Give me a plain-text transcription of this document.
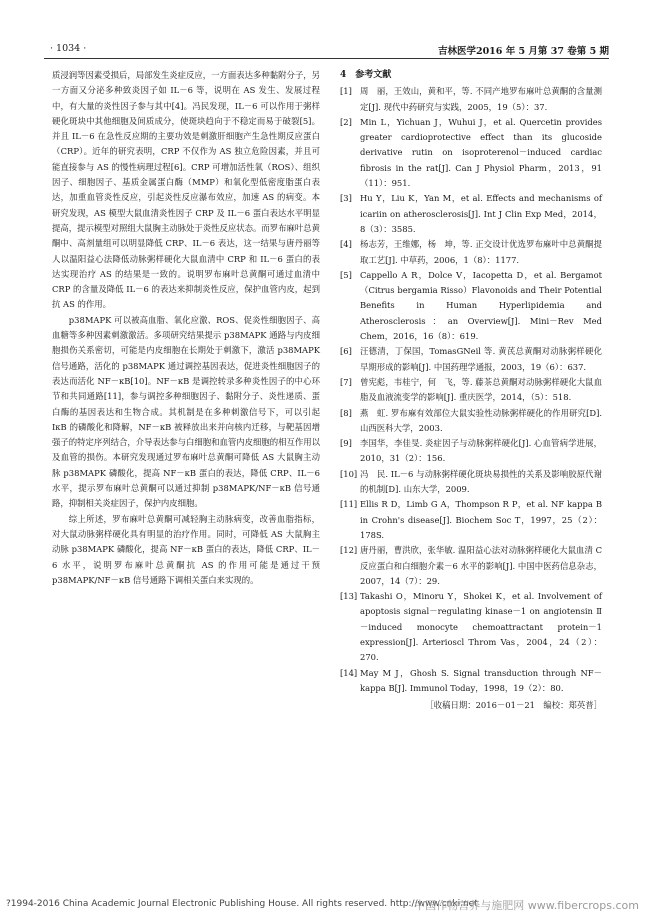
· 1034 ·	吉林医学2016 年 5 月第 37 卷第 5 期

质浸润等因素受损后，局部发生炎症反应，一方面表达多种黏附分子，另一方面又分泌多种致炎因子如 IL－6 等，说明在 AS 发生、发展过程中，有大量的炎性因子参与其中[4]。冯民发现，IL－6 可以作用于粥样硬化斑块中其他细胞及间质成分，使斑块趋向于不稳定而易于破裂[5]。并且 IL－6 在急性反应期的主要功效是刺激肝细胞产生急性期反应蛋白（CRP）。近年的研究表明，CRP 不仅作为 AS 独立危险因素，并且可能直接参与 AS 的慢性病理过程[6]。CRP 可增加活性氧（ROS）、组织因子、细胞因子、基质金属蛋白酶（MMP）和氧化型低密度脂蛋白表达，加重血管炎性反应，引起炎性反应瀑布效应，加速 AS 的病变。本研究发现，AS 模型大鼠血清炎性因子 CRP 及 IL－6 蛋白表达水平明显提高，提示模型对照组大鼠胸主动脉处于炎性反应状态。而罗布麻叶总黄酮中、高剂量组可以明显降低 CRP、IL－6 表达，这一结果与唐丹丽等人以温阳益心法降低动脉粥样硬化大鼠血清中 CRP 和 IL－6 蛋白的表达实现治疗 AS 的结果是一致的。说明罗布麻叶总黄酮可通过血清中 CRP 的含量及降低 IL－6 的表达来抑制炎性反应，保护血管内皮，起到抗 AS 的作用。

p38MAPK 可以被高血脂、氧化应激、ROS、促炎性细胞因子、高血糖等多种因素刺激激活。多项研究结果提示 p38MAPK 通路与内皮细胞损伤关系密切，可能是内皮细胞在长期处于刺激下，激活 p38MAPK 信号通路，活化的 p38MAPK 通过调控基因表达，促进炎性细胞因子的表达而活化 NF－κB[10]。NF－κB 是调控转录多种炎性因子的中心环节和共同通路[11]，参与调控多种细胞因子、黏附分子、炎性递质、蛋白酶的基因表达和生物合成。其机制是在多种刺激信号下，可以引起 IκB 的磷酸化和降解，NF－κB 被释放出来并向核内迁移，与靶基因增强子的特定序列结合，介导表达参与白细胞和血管内皮细胞的相互作用以及血管的损伤。本研究发现通过罗布麻叶总黄酮可降低 AS 大鼠胸主动脉 p38MAPK 磷酸化，提高 NF－κB 蛋白的表达，降低 CRP、IL－6 水平，提示罗布麻叶总黄酮可以通过抑制 p38MAPK/NF－κB 信号通路，抑制相关炎症因子，保护内皮细胞。

综上所述，罗布麻叶总黄酮可减轻胸主动脉病变，改善血脂指标，对大鼠动脉粥样硬化具有明显的治疗作用。同时，可降低 AS 大鼠胸主动脉 p38MAPK 磷酸化，提高 NF－κB 蛋白的表达，降低 CRP、IL－6 水平，说明罗布麻叶总黄酮抗 AS 的作用可能是通过干预 p38MAPK/NF－κB 信号通路下调相关蛋白来实现的。

4　参考文献
[1] 周　丽，王效山，黄和平，等. 不同产地罗布麻叶总黄酮的含量测定[J]. 现代中药研究与实践，2005，19（5）：37.
[2] Min L，Yichuan J，Wuhui J，et al. Quercetin provides greater cardioprotective effect than its glucoside derivative rutin on isoproterenol－induced cardiac fibrosis in the rat[J]. Can J Physiol Pharm，2013，91（11）：951.
[3] Hu Y，Liu K，Yan M，et al. Effects and mechanisms of icariin on atherosclerosis[J]. Int J Clin Exp Med，2014，8（3）：3585.
[4] 杨志芳，王维娜，杨　坤，等. 正交设计优选罗布麻叶中总黄酮提取工艺[J]. 中草药，2006，1（8）：1177.
[5] Cappello A R，Dolce V，Iacopetta D，et al. Bergamot（Citrus bergamia Risso）Flavonoids and Their Potential Benefits in Human Hyperlipidemia and Atherosclerosis：an Overview[J]. Mini－Rev Med Chem，2016，16（8）：619.
[6] 汪德清，丁保国，TomasGNeil 等. 黄芪总黄酮对动脉粥样硬化早期形成的影响[J]. 中国药理学通报，2003，19（6）：637.
[7] 曾宪彪，韦桂宁，何　飞，等. 藤茶总黄酮对动脉粥样硬化大鼠血脂及血液流变学的影响[J]. 重庆医学，2014，（5）：518.
[8] 燕　虹. 罗布麻有效部位大鼠实验性动脉粥样硬化的作用研究[D]. 山西医科大学，2003.
[9] 李国华，李佳旻. 炎症因子与动脉粥样硬化[J]. 心血管病学进展，2010，31（2）：156.
[10] 冯　民. IL－6 与动脉粥样硬化斑块易损性的关系及影响胶原代谢的机制[D]. 山东大学，2009.
[11] Ellis R D，Limb G A，Thompson R P，et al. NF kappa B in Crohn's disease[J]. Biochem Soc T，1997，25（2）：178S.
[12] 唐丹丽，曹洪欣，张华敏. 温阳益心法对动脉粥样硬化大鼠血清 C 反应蛋白和白细胞介素－6 水平的影响[J]. 中国中医药信息杂志，2007，14（7）：29.
[13] Takashi O，Minoru Y，Shokei K，et al. Involvement of apoptosis signal－regulating kinase－1 on angiotensin Ⅱ－induced monocyte chemoattractant protein－1 expression[J]. Arterioscl Throm Vas，2004，24（2）：270.
[14] May M J，Ghosh S. Signal transduction through NF－kappa B[J]. Immunol Today，1998，19（2）：80.
［收稿日期：2016－01－21　编校：郑英普］
?1994-2016 China Academic Journal Electronic Publishing House. All rights reserved. http://www.cnki.net
中国作物营养与施肥网 www.fibercrops.com
